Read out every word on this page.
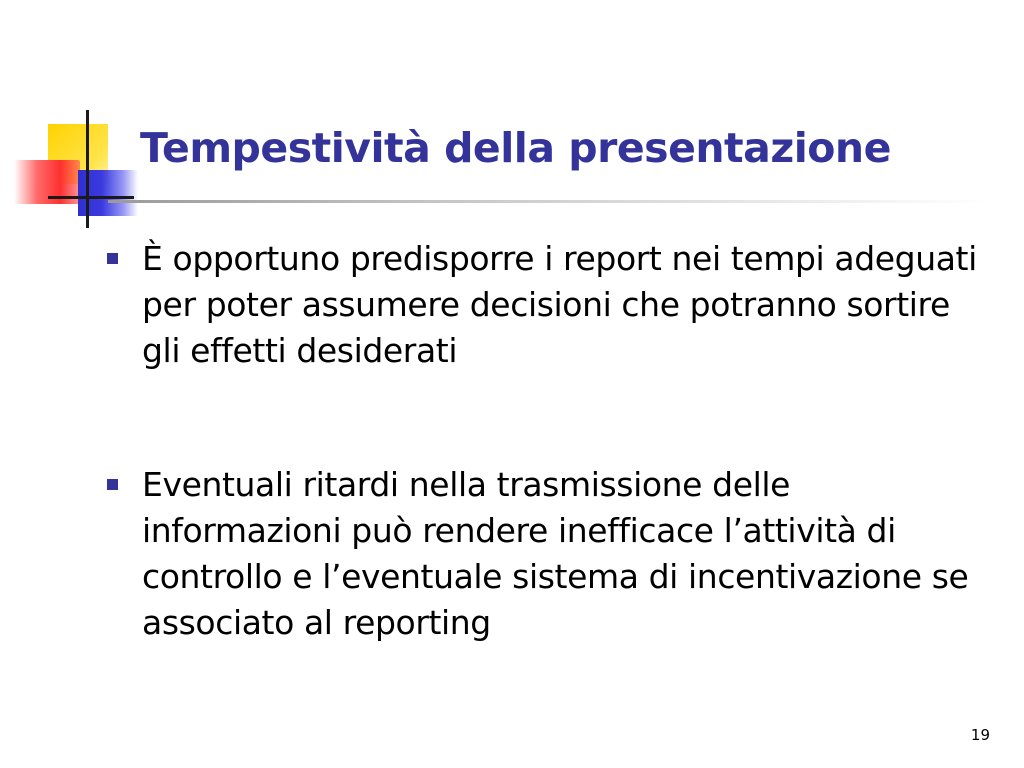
Tempestività della presentazione
È opportuno predisporre i report nei tempi adeguati per poter assumere decisioni che potranno sortire gli effetti desiderati
Eventuali ritardi nella trasmissione delle informazioni può rendere inefficace l’attività di controllo e l’eventuale sistema di incentivazione se associato al reporting
19
